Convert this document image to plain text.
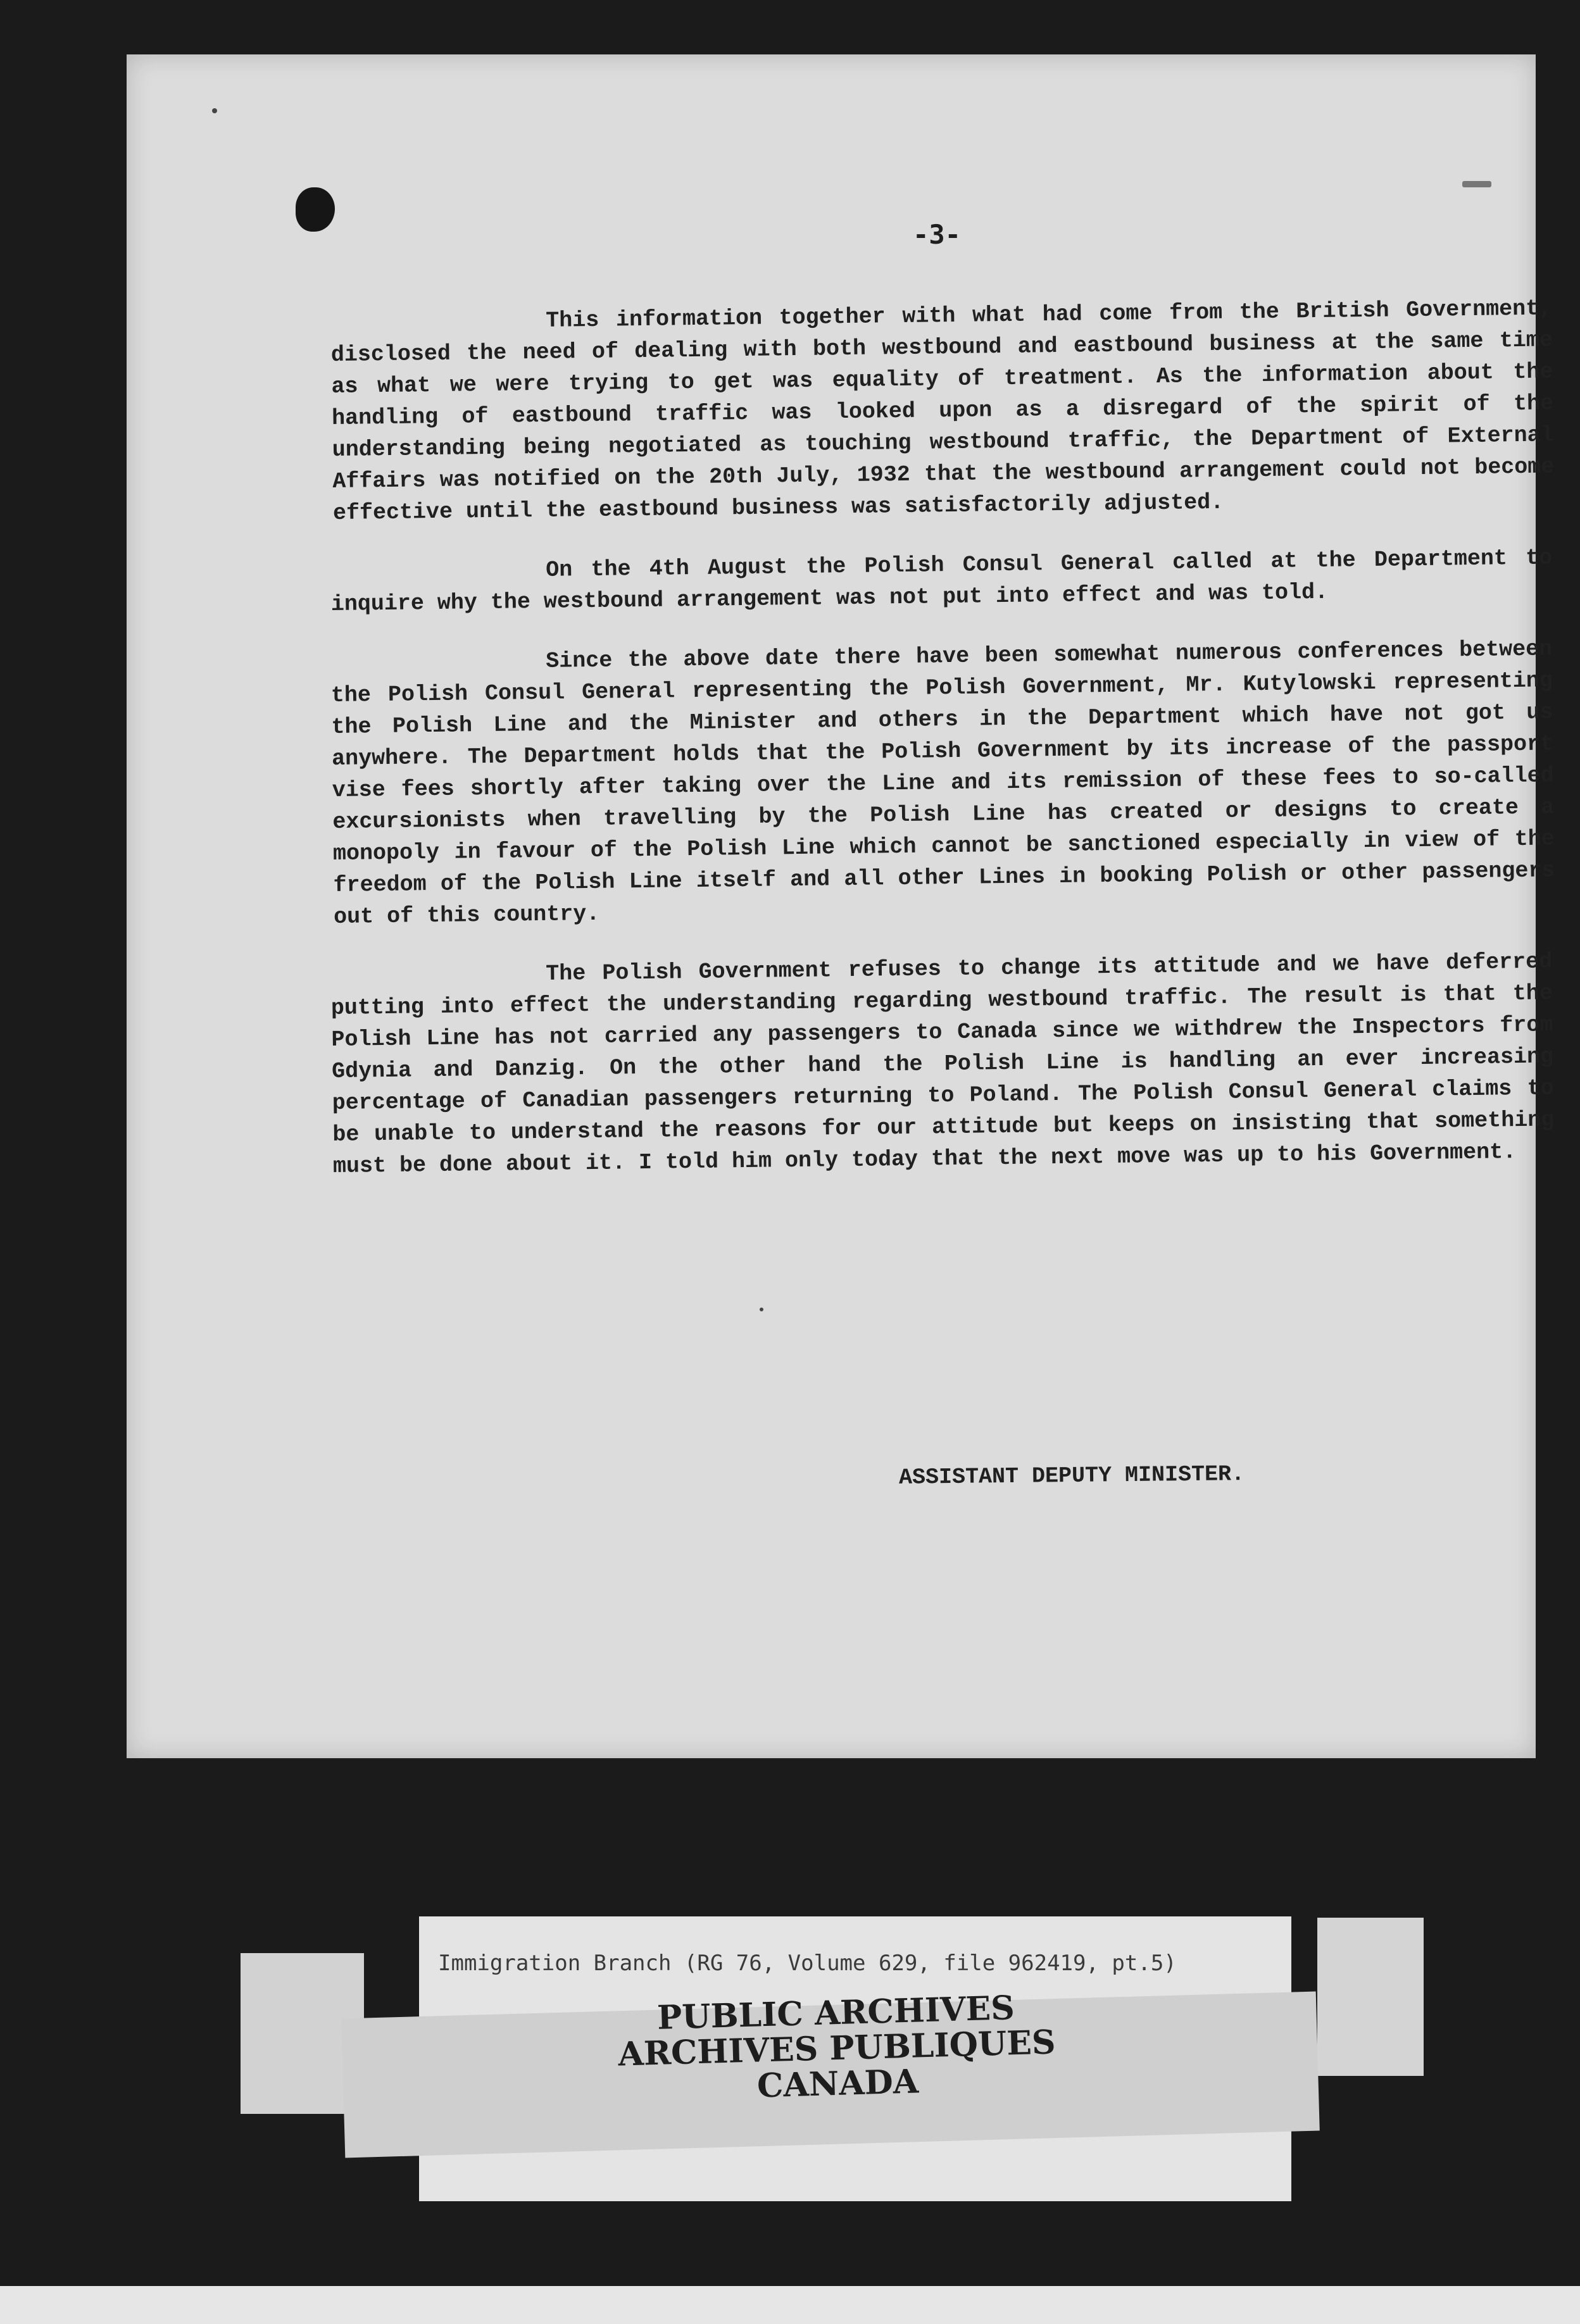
-3-

This information together with what had come from the British Government, disclosed the need of dealing with both westbound and eastbound business at the same time as what we were trying to get was equality of treatment. As the information about the handling of eastbound traffic was looked upon as a disregard of the spirit of the understanding being negotiated as touching westbound traffic, the Department of External Affairs was notified on the 20th July, 1932 that the westbound arrangement could not become effective until the eastbound business was satisfactorily adjusted.

On the 4th August the Polish Consul General called at the Department to inquire why the westbound arrangement was not put into effect and was told.

Since the above date there have been somewhat numerous conferences between the Polish Consul General representing the Polish Government, Mr. Kutylowski representing the Polish Line and the Minister and others in the Department which have not got us anywhere. The Department holds that the Polish Government by its increase of the passport vise fees shortly after taking over the Line and its remission of these fees to so-called excursionists when travelling by the Polish Line has created or designs to create a monopoly in favour of the Polish Line which cannot be sanctioned especially in view of the freedom of the Polish Line itself and all other Lines in booking Polish or other passengers out of this country.

The Polish Government refuses to change its attitude and we have deferred putting into effect the understanding regarding westbound traffic. The result is that the Polish Line has not carried any passengers to Canada since we withdrew the Inspectors from Gdynia and Danzig. On the other hand the Polish Line is handling an ever increasing percentage of Canadian passengers returning to Poland. The Polish Consul General claims to be unable to understand the reasons for our attitude but keeps on insisting that something must be done about it. I told him only today that the next move was up to his Government.

ASSISTANT DEPUTY MINISTER.
Immigration Branch (RG 76, Volume 629, file 962419, pt.5)
PUBLIC ARCHIVES
ARCHIVES PUBLIQUES
CANADA
